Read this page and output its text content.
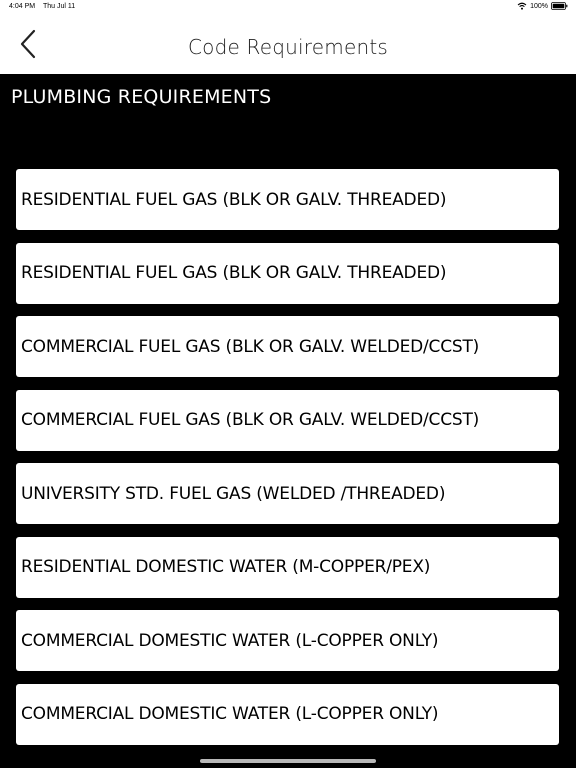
4:04 PM Thu Jul 11	100%
Code Requirements
PLUMBING REQUIREMENTS
RESIDENTIAL FUEL GAS (BLK OR GALV. THREADED)
RESIDENTIAL FUEL GAS (BLK OR GALV. THREADED)
COMMERCIAL FUEL GAS (BLK OR GALV. WELDED/CCST)
COMMERCIAL FUEL GAS (BLK OR GALV. WELDED/CCST)
UNIVERSITY STD. FUEL GAS (WELDED /THREADED)
RESIDENTIAL DOMESTIC WATER (M-COPPER/PEX)
COMMERCIAL DOMESTIC WATER (L-COPPER ONLY)
COMMERCIAL DOMESTIC WATER (L-COPPER ONLY)
